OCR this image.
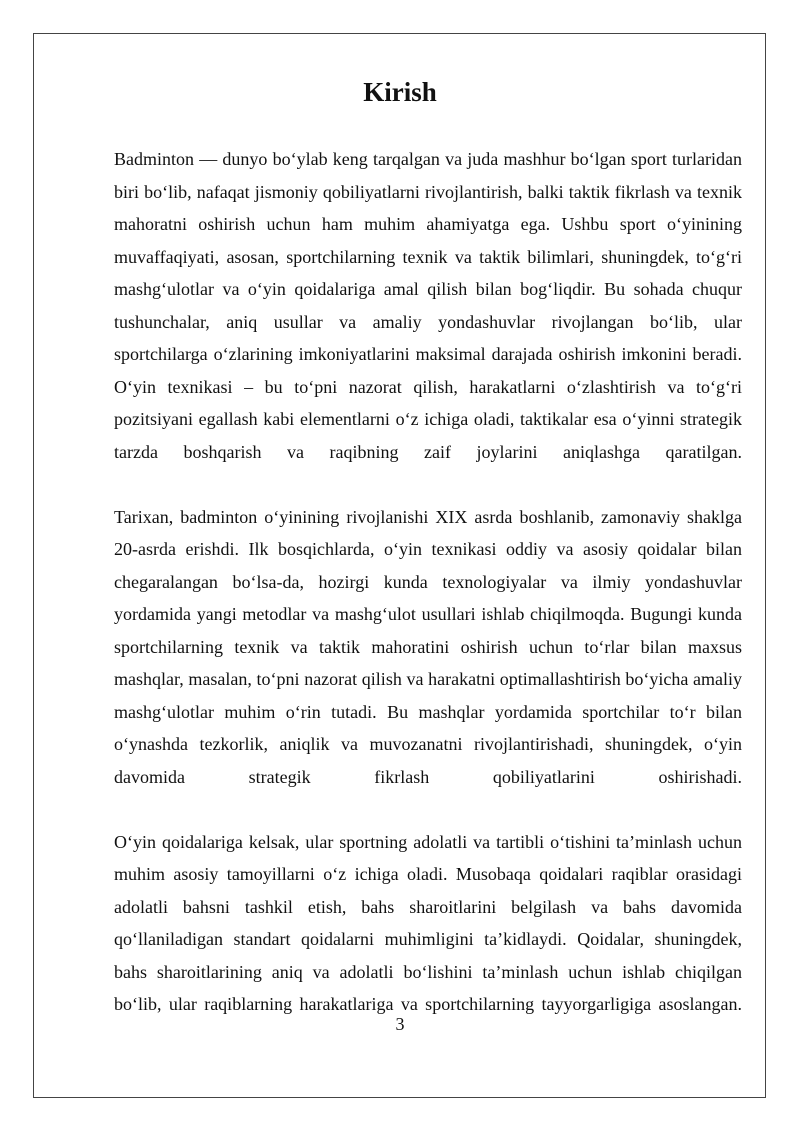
Kirish

Badminton — dunyo bo‘ylab keng tarqalgan va juda mashhur bo‘lgan sport turlaridan biri bo‘lib, nafaqat jismoniy qobiliyatlarni rivojlantirish, balki taktik fikrlash va texnik mahoratni oshirish uchun ham muhim ahamiyatga ega. Ushbu sport o‘yinining muvaffaqiyati, asosan, sportchilarning texnik va taktik bilimlari, shuningdek, to‘g‘ri mashg‘ulotlar va o‘yin qoidalariga amal qilish bilan bog‘liqdir. Bu sohada chuqur tushunchalar, aniq usullar va amaliy yondashuvlar rivojlangan bo‘lib, ular sportchilarga o‘zlarining imkoniyatlarini maksimal darajada oshirish imkonini beradi. O‘yin texnikasi – bu to‘pni nazorat qilish, harakatlarni o‘zlashtirish va to‘g‘ri pozitsiyani egallash kabi elementlarni o‘z ichiga oladi, taktikalar esa o‘yinni strategik tarzda boshqarish va raqibning zaif joylarini aniqlashga qaratilgan.

Tarixan, badminton o‘yinining rivojlanishi XIX asrda boshlanib, zamonaviy shaklga 20-asrda erishdi. Ilk bosqichlarda, o‘yin texnikasi oddiy va asosiy qoidalar bilan chegaralangan bo‘lsa-da, hozirgi kunda texnologiyalar va ilmiy yondashuvlar yordamida yangi metodlar va mashg‘ulot usullari ishlab chiqilmoqda. Bugungi kunda sportchilarning texnik va taktik mahoratini oshirish uchun to‘rlar bilan maxsus mashqlar, masalan, to‘pni nazorat qilish va harakatni optimallashtirish bo‘yicha amaliy mashg‘ulotlar muhim o‘rin tutadi. Bu mashqlar yordamida sportchilar to‘r bilan o‘ynashda tezkorlik, aniqlik va muvozanatni rivojlantirishadi, shuningdek, o‘yin davomida strategik fikrlash qobiliyatlarini oshirishadi.

O‘yin qoidalariga kelsak, ular sportning adolatli va tartibli o‘tishini ta’minlash uchun muhim asosiy tamoyillarni o‘z ichiga oladi. Musobaqa qoidalari raqiblar orasidagi adolatli bahsni tashkil etish, bahs sharoitlarini belgilash va bahs davomida qo‘llaniladigan standart qoidalarni muhimligini ta’kidlaydi. Qoidalar, shuningdek, bahs sharoitlarining aniq va adolatli bo‘lishini ta’minlash uchun ishlab chiqilgan bo‘lib, ular raqiblarning harakatlariga va sportchilarning tayyorgarligiga asoslangan.

3
